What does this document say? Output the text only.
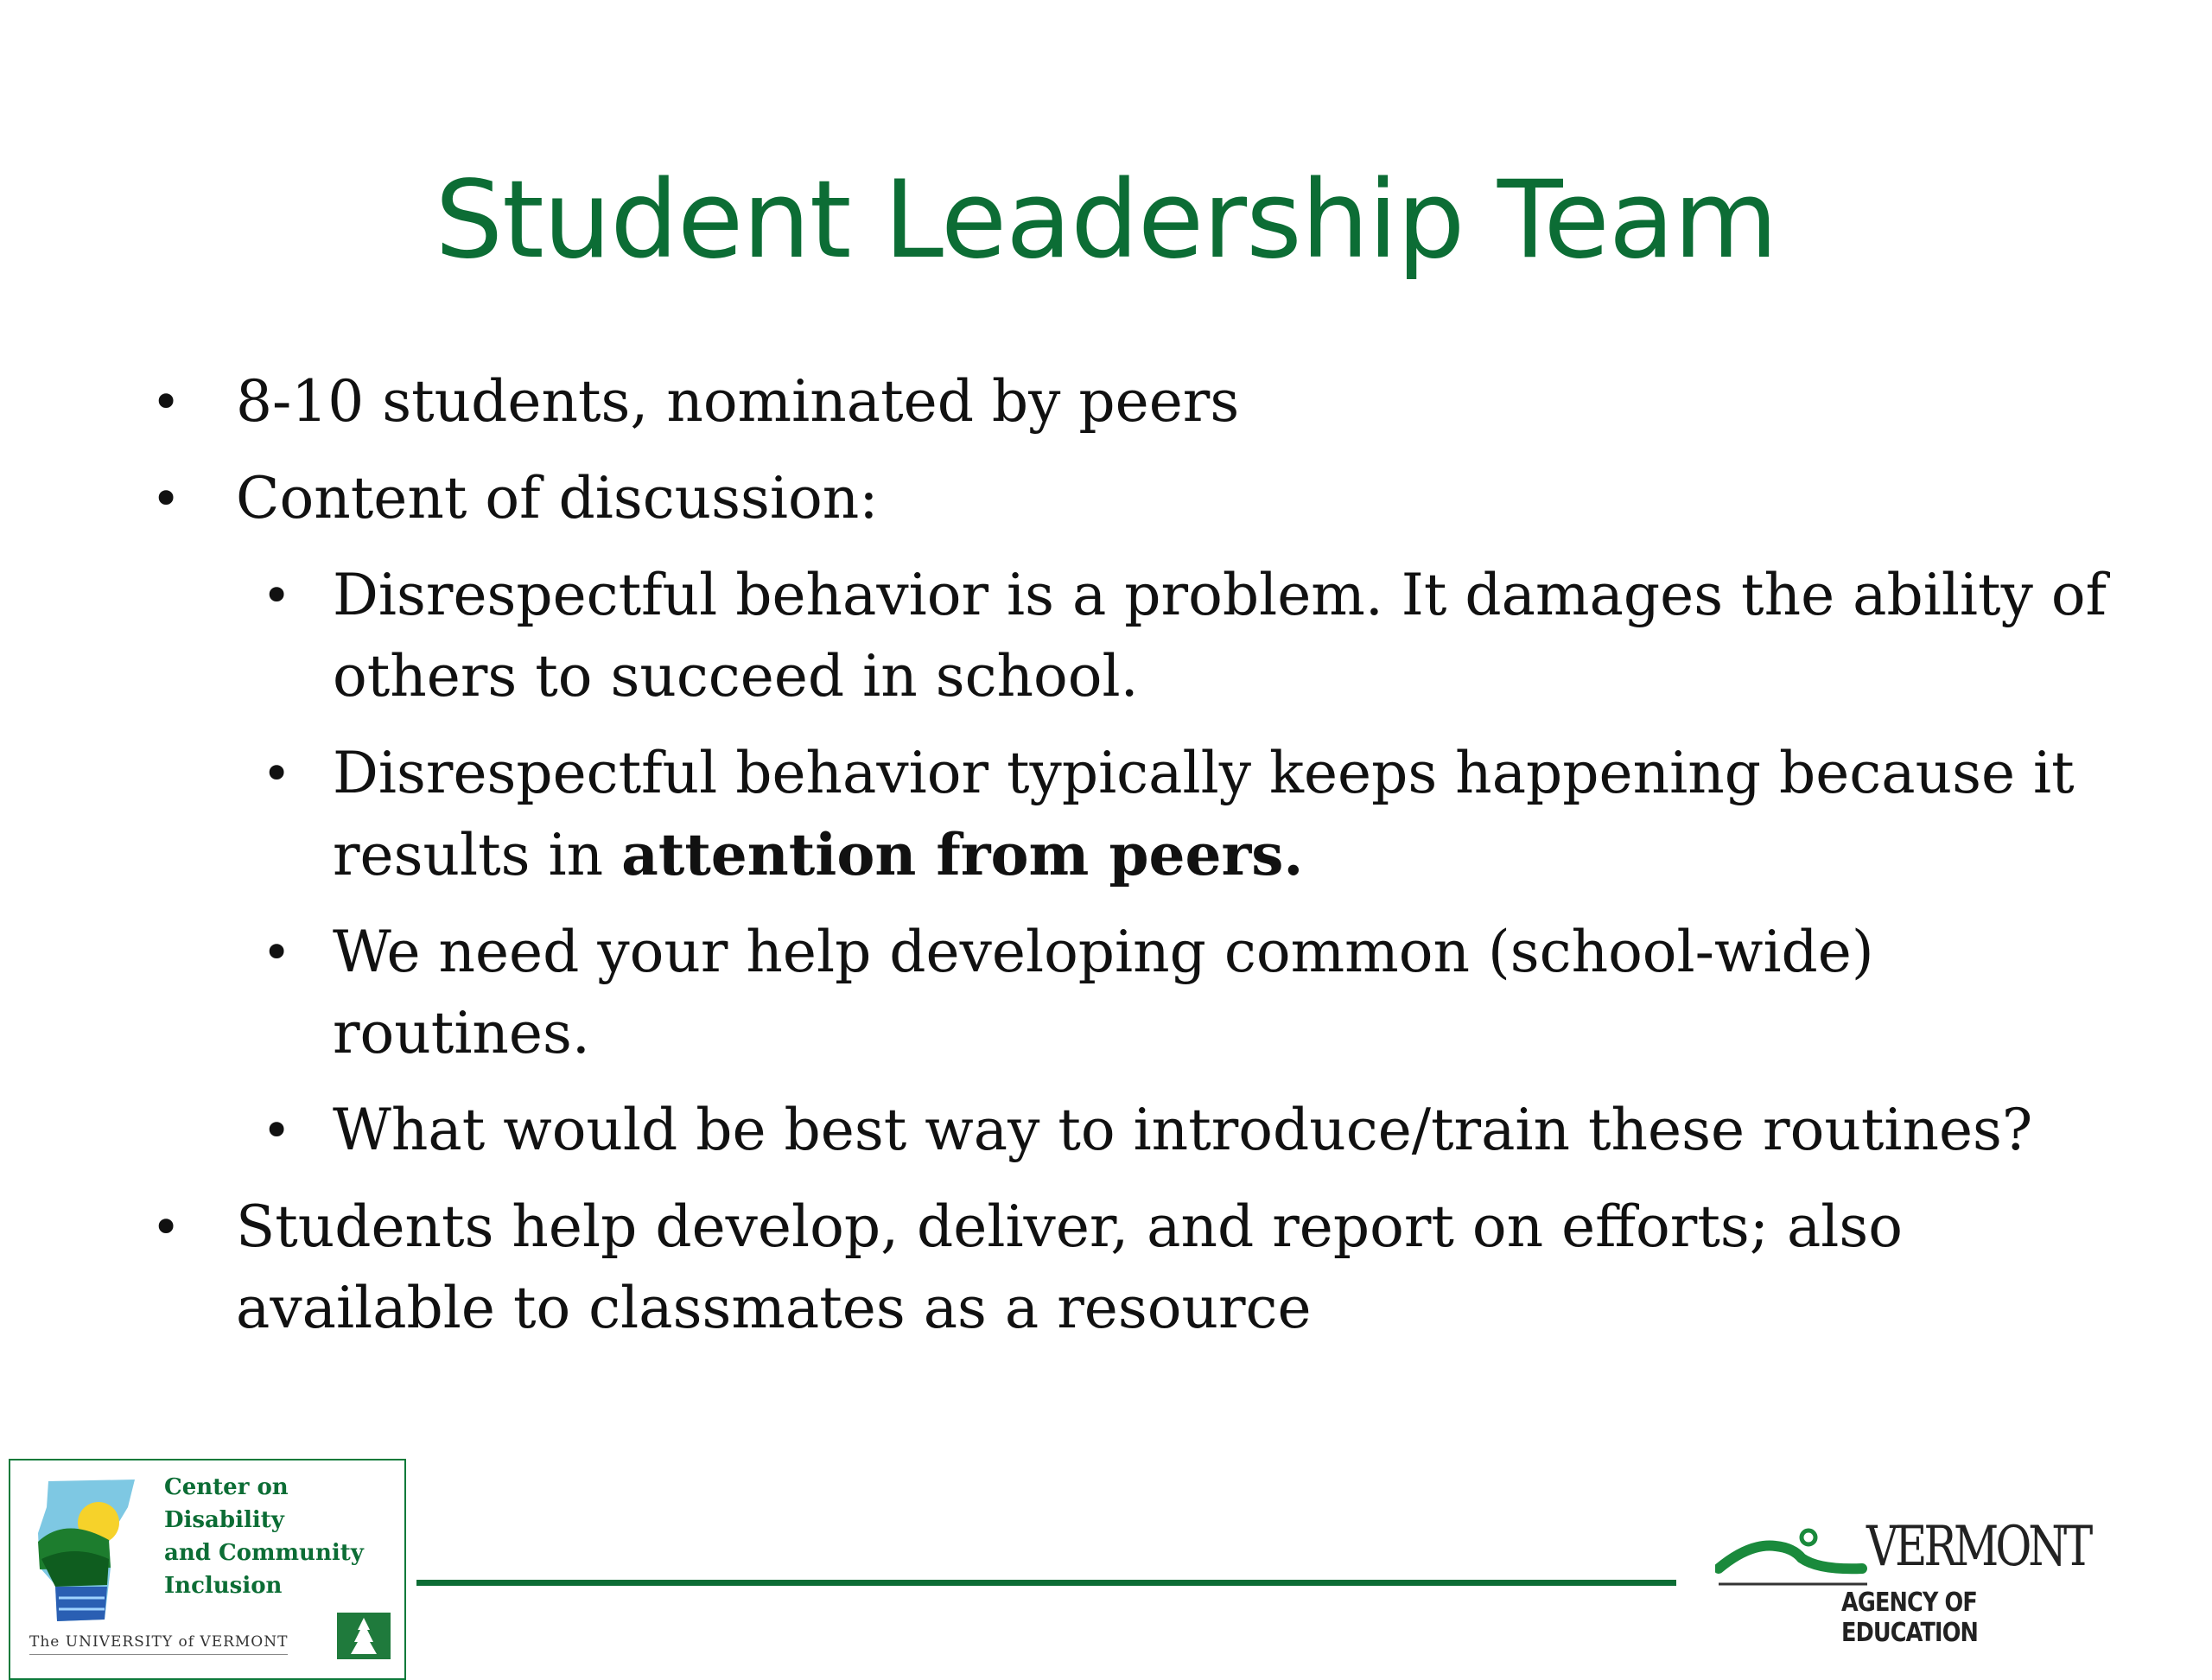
Student Leadership Team
• 8-10 students, nominated by peers
• Content of discussion:
• Disrespectful behavior is a problem. It damages the ability of others to succeed in school.
• Disrespectful behavior typically keeps happening because it results in attention from peers.
• We need your help developing common (school-wide) routines.
• What would be best way to introduce/train these routines?
• Students help develop, deliver, and report on efforts; also available to classmates as a resource
Center on
Disability
and Community
Inclusion
The UNIVERSITY of VERMONT
VERMONT
AGENCY OF EDUCATION
